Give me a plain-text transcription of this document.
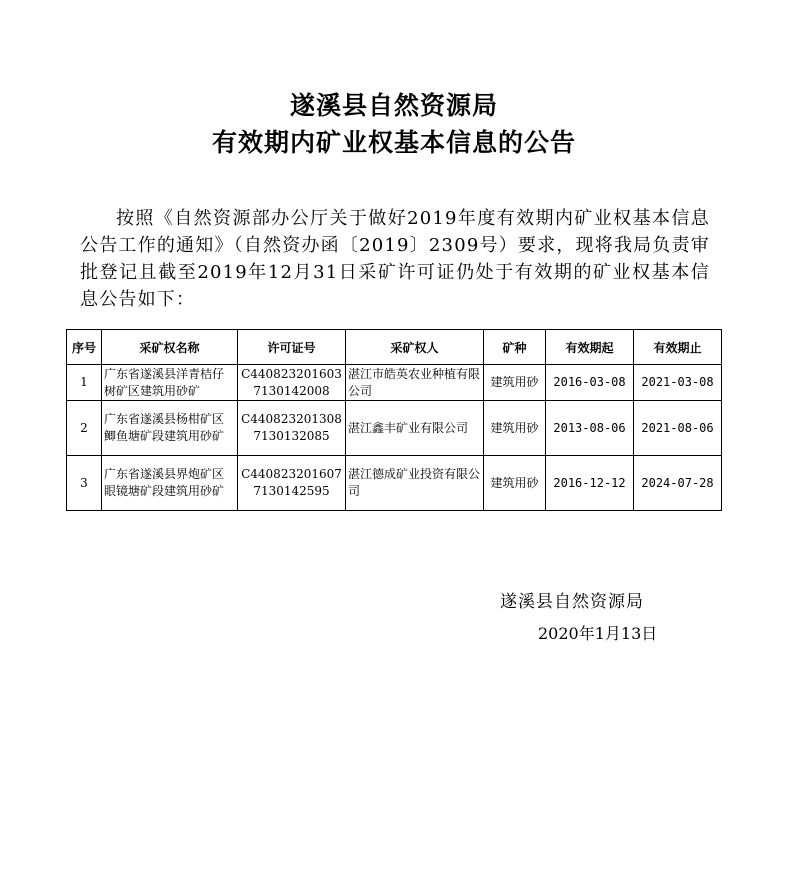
遂溪县自然资源局
有效期内矿业权基本信息的公告
按照《自然资源部办公厅关于做好2019年度有效期内矿业权基本信息公告工作的通知》（自然资办函〔2019〕2309号）要求，现将我局负责审批登记且截至2019年12月31日采矿许可证仍处于有效期的矿业权基本信息公告如下：
序号	采矿权名称	许可证号	采矿权人	矿种	有效期起	有效期止
1	广东省遂溪县洋青桔仔树矿区建筑用砂矿	C4408232016037130142008	湛江市皓英农业种植有限公司	建筑用砂	2016-03-08	2021-03-08
2	广东省遂溪县杨柑矿区鲫鱼塘矿段建筑用砂矿	C4408232013087130132085	湛江鑫丰矿业有限公司	建筑用砂	2013-08-06	2021-08-06
3	广东省遂溪县界炮矿区眼镜塘矿段建筑用砂矿	C4408232016077130142595	湛江德成矿业投资有限公司	建筑用砂	2016-12-12	2024-07-28
遂溪县自然资源局
2020年1月13日
